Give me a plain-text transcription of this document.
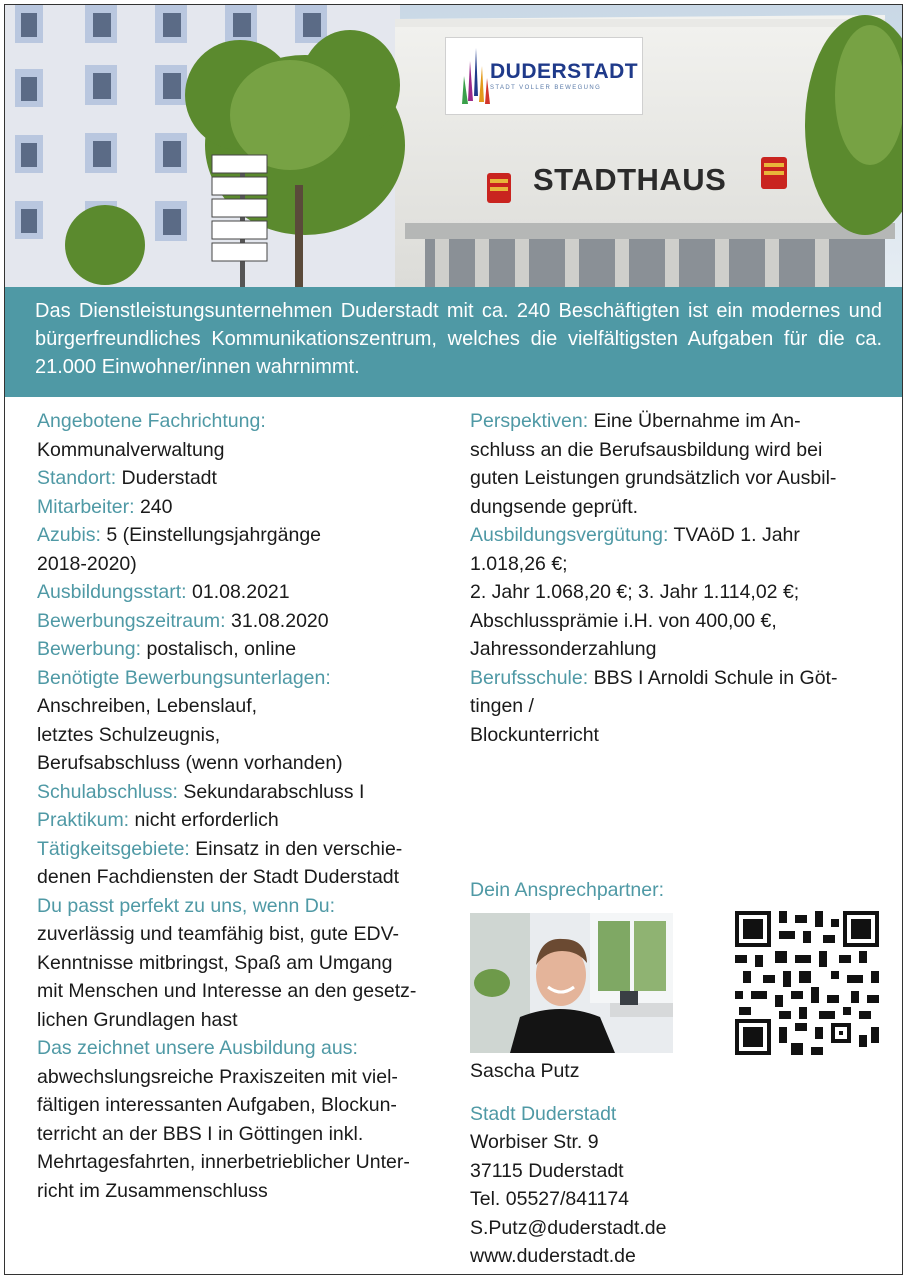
DUDERSTADT
STADT VOLLER BEWEGUNG
STADTHAUS
Das Dienstleistungsunternehmen Duderstadt mit ca. 240 Beschäftigten ist ein modernes und bürgerfreundliches Kommunikationszentrum, welches die vielfältigsten Aufgaben für die ca. 21.000 Einwohner/innen wahrnimmt.
Angebotene Fachrichtung:
Kommunalverwaltung
Standort: Duderstadt
Mitarbeiter: 240
Azubis: 5 (Einstellungsjahrgänge
2018-2020)
Ausbildungsstart: 01.08.2021
Bewerbungszeitraum: 31.08.2020
Bewerbung: postalisch, online
Benötigte Bewerbungsunterlagen:
Anschreiben, Lebenslauf,
letztes Schulzeugnis,
Berufsabschluss (wenn vorhanden)
Schulabschluss: Sekundarabschluss I
Praktikum: nicht erforderlich
Tätigkeitsgebiete: Einsatz in den verschie-
denen Fachdiensten der Stadt Duderstadt
Du passt perfekt zu uns, wenn Du:
zuverlässig und teamfähig bist, gute EDV-
Kenntnisse mitbringst, Spaß am Umgang
mit Menschen und Interesse an den gesetz-
lichen Grundlagen hast
Das zeichnet unsere Ausbildung aus:
abwechslungsreiche Praxiszeiten mit viel-
fältigen interessanten Aufgaben, Blockun-
terricht an der BBS I in Göttingen inkl.
Mehrtagesfahrten, innerbetrieblicher Unter-
richt im Zusammenschluss
Perspektiven: Eine Übernahme im An-
schluss an die Berufsausbildung wird bei
guten Leistungen grundsätzlich vor Ausbil-
dungsende geprüft.
Ausbildungsvergütung: TVAöD 1. Jahr
1.018,26 €;
2. Jahr 1.068,20 €; 3. Jahr 1.114,02 €;
Abschlussprämie i.H. von 400,00 €,
Jahressonderzahlung
Berufsschule: BBS I Arnoldi Schule in Göt-
tingen /
Blockunterricht
Dein Ansprechpartner:
Sascha Putz
Stadt Duderstadt
Worbiser Str. 9
37115 Duderstadt
Tel. 05527/841174
S.Putz@duderstadt.de
www.duderstadt.de
